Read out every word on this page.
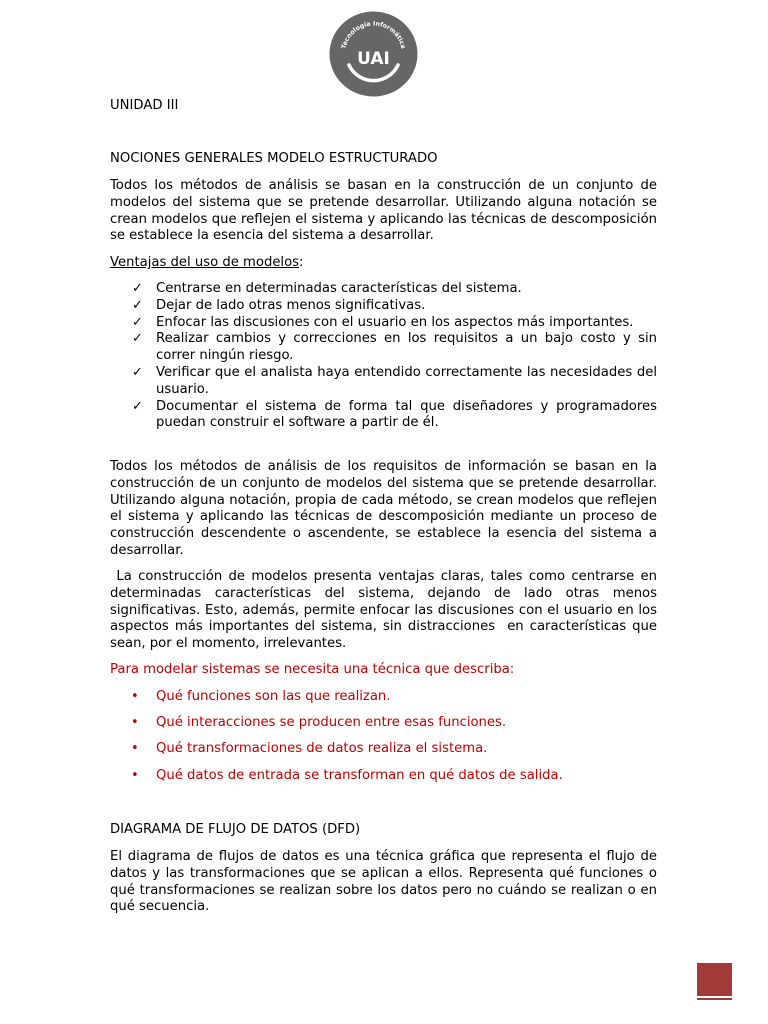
Tecnología Informática
UAI

UNIDAD III

NOCIONES GENERALES MODELO ESTRUCTURADO

Todos los métodos de análisis se basan en la construcción de un conjunto de modelos del sistema que se pretende desarrollar. Utilizando alguna notación se crean modelos que reflejen el sistema y aplicando las técnicas de descomposición se establece la esencia del sistema a desarrollar.

Ventajas del uso de modelos:

✓ Centrarse en determinadas características del sistema.
✓ Dejar de lado otras menos significativas.
✓ Enfocar las discusiones con el usuario en los aspectos más importantes.
✓ Realizar cambios y correcciones en los requisitos a un bajo costo y sin correr ningún riesgo.
✓ Verificar que el analista haya entendido correctamente las necesidades del usuario.
✓ Documentar el sistema de forma tal que diseñadores y programadores puedan construir el software a partir de él.

Todos los métodos de análisis de los requisitos de información se basan en la construcción de un conjunto de modelos del sistema que se pretende desarrollar. Utilizando alguna notación, propia de cada método, se crean modelos que reflejen el sistema y aplicando las técnicas de descomposición mediante un proceso de construcción descendente o ascendente, se establece la esencia del sistema a desarrollar.

La construcción de modelos presenta ventajas claras, tales como centrarse en determinadas características del sistema, dejando de lado otras menos significativas. Esto, además, permite enfocar las discusiones con el usuario en los aspectos más importantes del sistema, sin distracciones  en características que sean, por el momento, irrelevantes.

Para modelar sistemas se necesita una técnica que describa:

• Qué funciones son las que realizan.
• Qué interacciones se producen entre esas funciones.
• Qué transformaciones de datos realiza el sistema.
• Qué datos de entrada se transforman en qué datos de salida.

DIAGRAMA DE FLUJO DE DATOS (DFD)

El diagrama de flujos de datos es una técnica gráfica que representa el flujo de datos y las transformaciones que se aplican a ellos. Representa qué funciones o qué transformaciones se realizan sobre los datos pero no cuándo se realizan o en qué secuencia.
